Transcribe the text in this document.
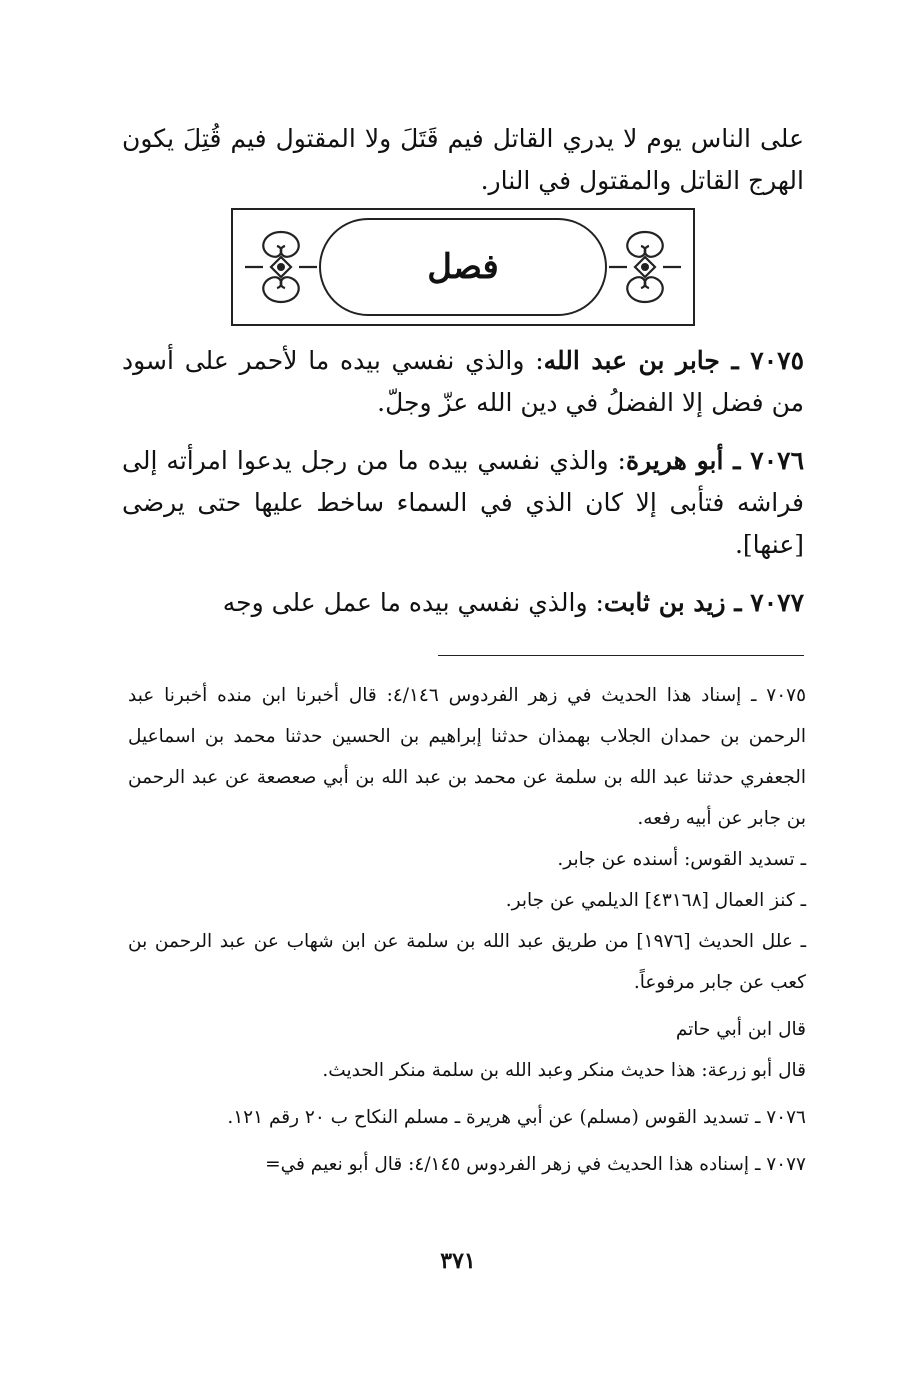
على الناس يوم لا يدري القاتل فيم قَتَلَ ولا المقتول فيم قُتِلَ يكون الهرج القاتل والمقتول في النار.

فصل

٧٠٧٥ ـ جابر بن عبد الله: والذي نفسي بيده ما لأحمر على أسود من فضل إلا الفضلُ في دين الله عزّ وجلّ.

٧٠٧٦ ـ أبو هريرة: والذي نفسي بيده ما من رجل يدعوا امرأته إلى فراشه فتأبى إلا كان الذي في السماء ساخط عليها حتى يرضى [عنها].

٧٠٧٧ ـ زيد بن ثابت: والذي نفسي بيده ما عمل على وجه

٧٠٧٥ ـ إسناد هذا الحديث في زهر الفردوس ٤/١٤٦: قال أخبرنا ابن منده أخبرنا عبد الرحمن بن حمدان الجلاب بهمذان حدثنا إبراهيم بن الحسين حدثنا محمد بن اسماعيل الجعفري حدثنا عبد الله بن سلمة عن محمد بن عبد الله بن أبي صعصعة عن عبد الرحمن بن جابر عن أبيه رفعه.

ـ تسديد القوس: أسنده عن جابر.

ـ كنز العمال [٤٣١٦٨] الديلمي عن جابر.

ـ علل الحديث [١٩٧٦] من طريق عبد الله بن سلمة عن ابن شهاب عن عبد الرحمن بن كعب عن جابر مرفوعاً.

قال ابن أبي حاتم

قال أبو زرعة: هذا حديث منكر وعبد الله بن سلمة منكر الحديث.

٧٠٧٦ ـ تسديد القوس (مسلم) عن أبي هريرة ـ مسلم النكاح ب ٢٠ رقم ١٢١.

٧٠٧٧ ـ إسناده هذا الحديث في زهر الفردوس ٤/١٤٥: قال أبو نعيم في=

٣٧١
